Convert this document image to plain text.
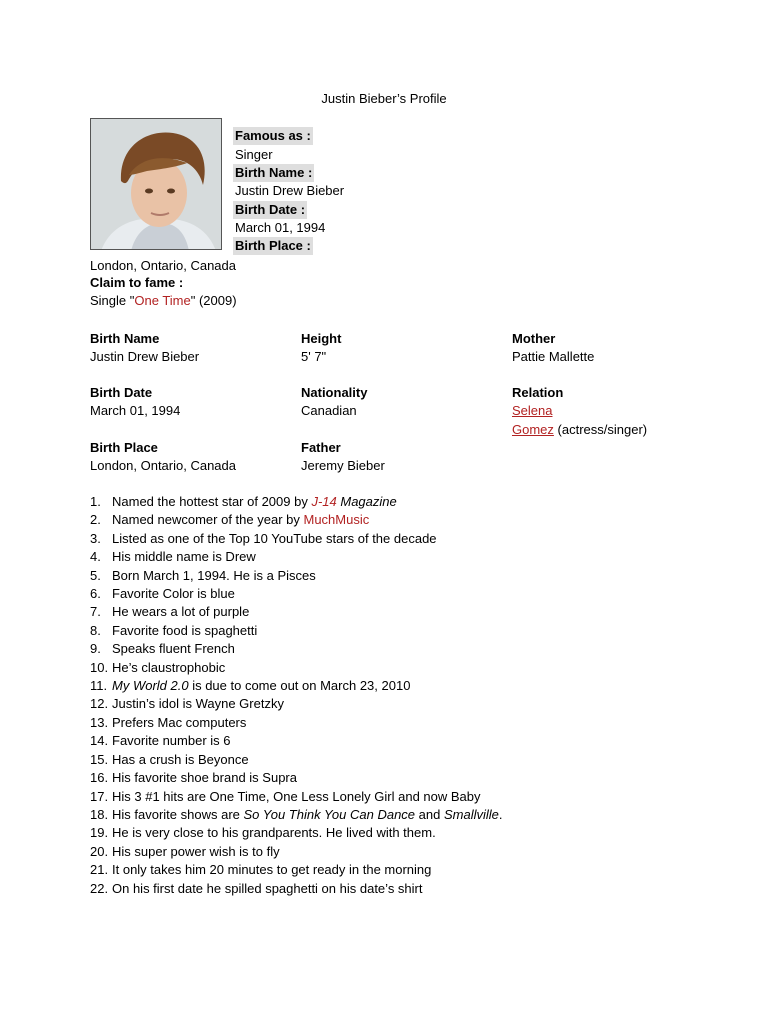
Justin Bieber’s Profile
Famous as :
Singer
Birth Name :
Justin Drew Bieber
Birth Date :
March 01, 1994
Birth Place :
London, Ontario, Canada
Claim to fame :
Single "One Time" (2009)
Birth Name
Justin Drew Bieber
Birth Date
March 01, 1994
Birth Place
London, Ontario, Canada
Height
5' 7"
Nationality
Canadian
Father
Jeremy Bieber
Mother
Pattie Mallette
Relation
Selena
Gomez (actress/singer)
1. Named the hottest star of 2009 by J-14 Magazine
2. Named newcomer of the year by MuchMusic
3. Listed as one of the Top 10 YouTube stars of the decade
4. His middle name is Drew
5. Born March 1, 1994. He is a Pisces
6. Favorite Color is blue
7. He wears a lot of purple
8. Favorite food is spaghetti
9. Speaks fluent French
10. He’s claustrophobic
11. My World 2.0 is due to come out on March 23, 2010
12. Justin’s idol is Wayne Gretzky
13. Prefers Mac computers
14. Favorite number is 6
15. Has a crush is Beyonce
16. His favorite shoe brand is Supra
17. His 3 #1 hits are One Time, One Less Lonely Girl and now Baby
18. His favorite shows are So You Think You Can Dance and Smallville.
19. He is very close to his grandparents. He lived with them.
20. His super power wish is to fly
21. It only takes him 20 minutes to get ready in the morning
22. On his first date he spilled spaghetti on his date’s shirt
